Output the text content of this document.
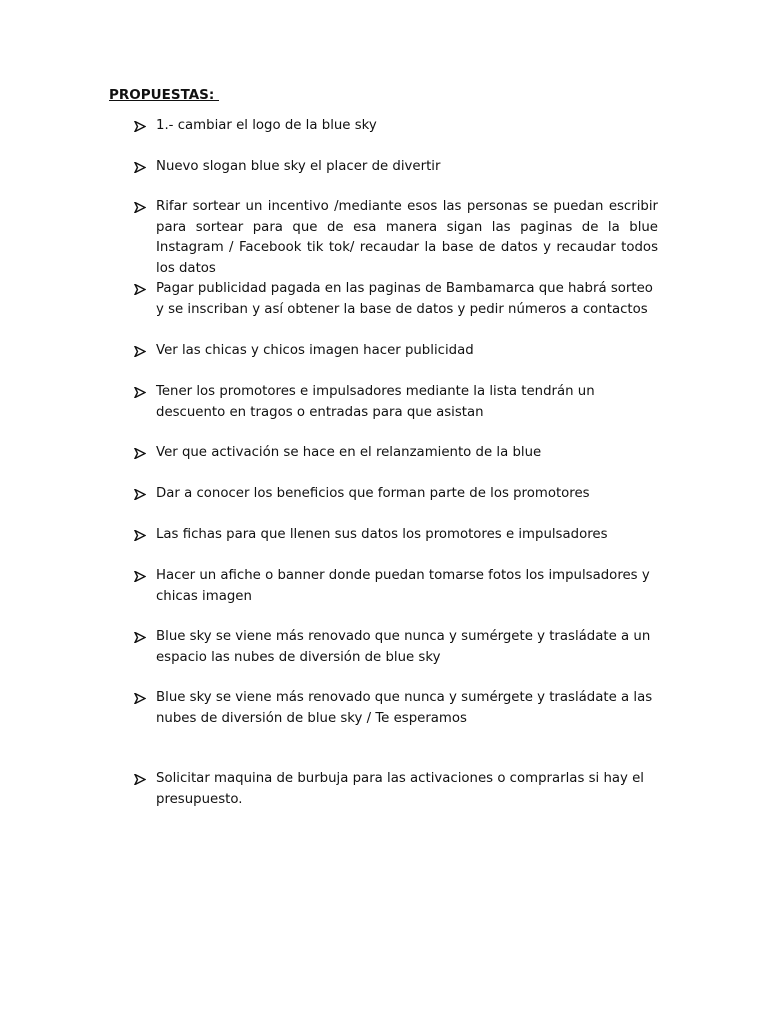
PROPUESTAS:
1.- cambiar el logo de la blue sky
Nuevo slogan blue sky el placer de divertir
Rifar sortear un incentivo /mediante esos las personas se puedan escribir para sortear para que de esa manera sigan las paginas de la blue Instagram / Facebook tik tok/ recaudar la base de datos y recaudar todos los datos
Pagar publicidad pagada en las paginas de Bambamarca que habrá sorteo y se inscriban y así obtener la base de datos y pedir números a contactos
Ver las chicas y chicos imagen hacer publicidad
Tener los promotores e impulsadores mediante la lista tendrán un descuento en tragos o entradas para que asistan
Ver que activación se hace en el relanzamiento de la blue
Dar a conocer los beneficios que forman parte de los promotores
Las fichas para que llenen sus datos los promotores e impulsadores
Hacer un afiche o banner donde puedan tomarse fotos los impulsadores y chicas imagen
Blue sky se viene más renovado que nunca y sumérgete y trasládate a un espacio las nubes de diversión de blue sky
Blue sky se viene más renovado que nunca y sumérgete y trasládate a las nubes de diversión de blue sky / Te esperamos
Solicitar maquina de burbuja para las activaciones o comprarlas si hay el presupuesto.
